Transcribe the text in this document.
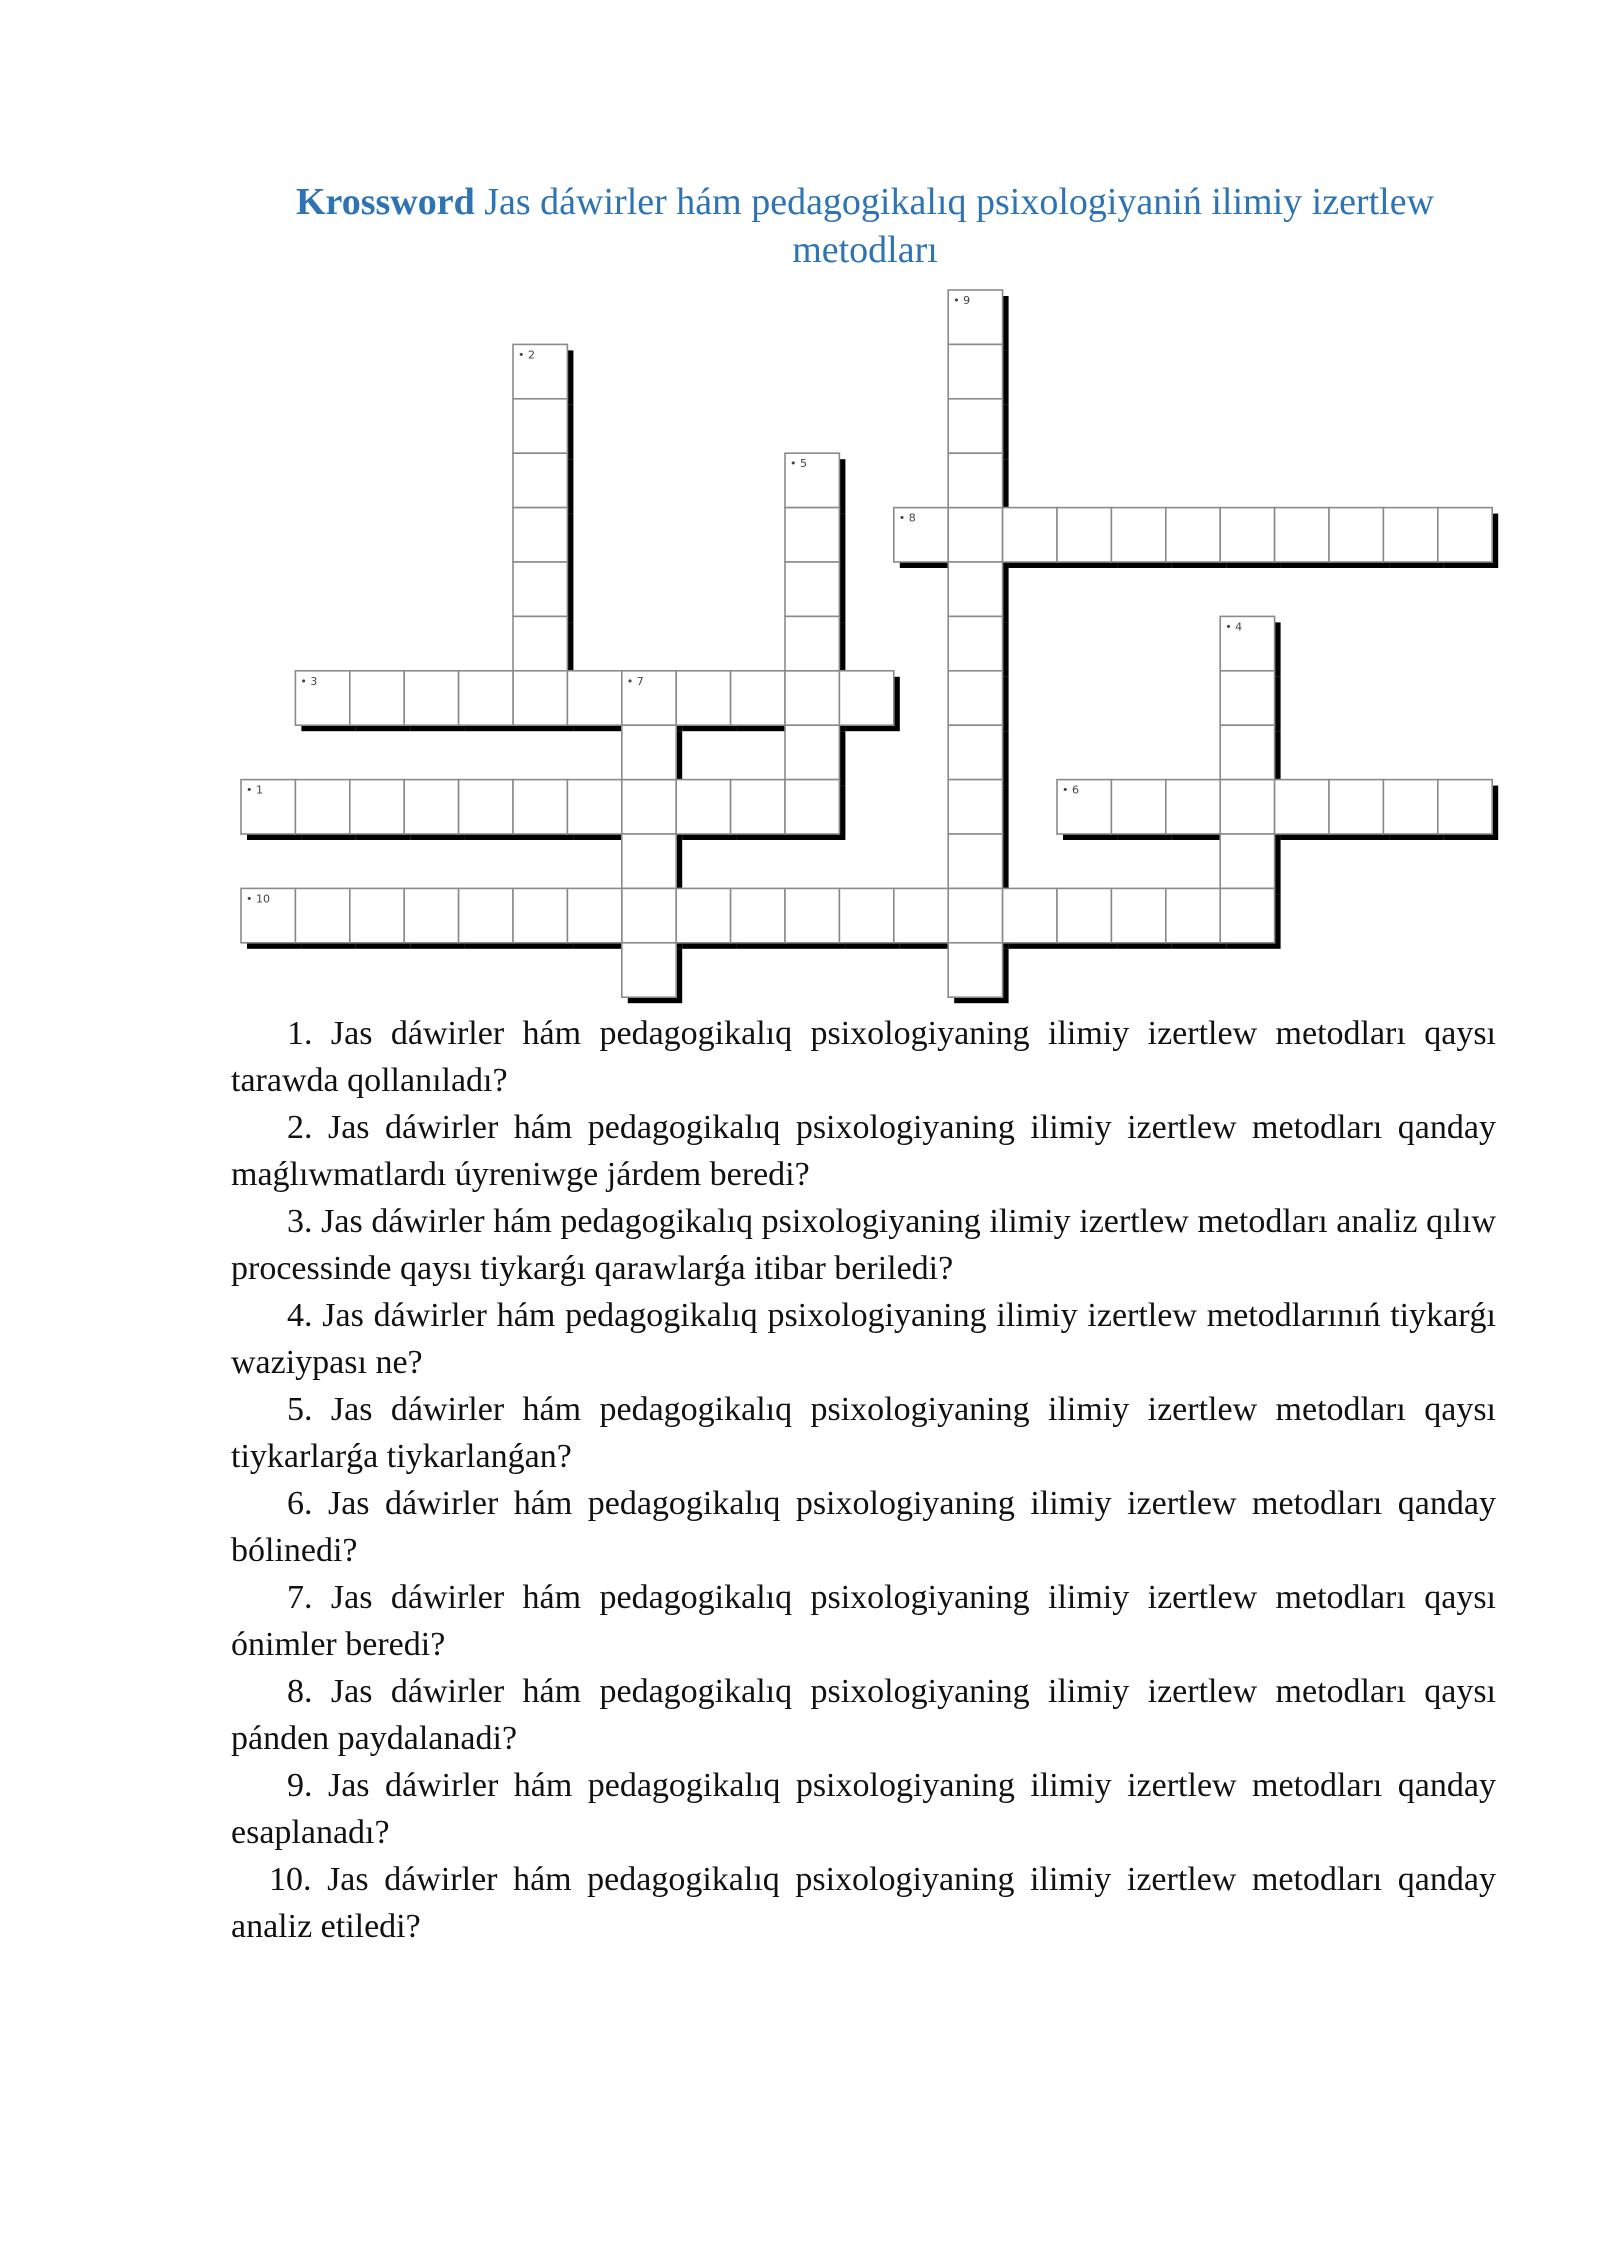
Krossword Jas dáwirler hám pedagogikalıq psixologiyaniń ilimiy izertlew metodları
• 1
• 2
• 3
• 4
• 5
• 6
• 7
• 8
• 9
• 10

1. Jas dáwirler hám pedagogikalıq psixologiyaning ilimiy izertlew metodları qaysı tarawda qollanıladı?

2. Jas dáwirler hám pedagogikalıq psixologiyaning ilimiy izertlew metodları qanday maǵlıwmatlardı úyreniwge járdem beredi?

3. Jas dáwirler hám pedagogikalıq psixologiyaning ilimiy izertlew metodları analiz qılıw processinde qaysı tiykarǵı qarawlarǵa itibar beriledi?

4. Jas dáwirler hám pedagogikalıq psixologiyaning ilimiy izertlew metodlarınıń tiykarǵı waziypası ne?

5. Jas dáwirler hám pedagogikalıq psixologiyaning ilimiy izertlew metodları qaysı tiykarlarǵa tiykarlanǵan?

6. Jas dáwirler hám pedagogikalıq psixologiyaning ilimiy izertlew metodları qanday bólinedi?

7. Jas dáwirler hám pedagogikalıq psixologiyaning ilimiy izertlew metodları qaysı ónimler beredi?

8. Jas dáwirler hám pedagogikalıq psixologiyaning ilimiy izertlew metodları qaysı pánden paydalanadi?

9. Jas dáwirler hám pedagogikalıq psixologiyaning ilimiy izertlew metodları qanday esaplanadı?

10. Jas dáwirler hám pedagogikalıq psixologiyaning ilimiy izertlew metodları qanday analiz etiledi?
